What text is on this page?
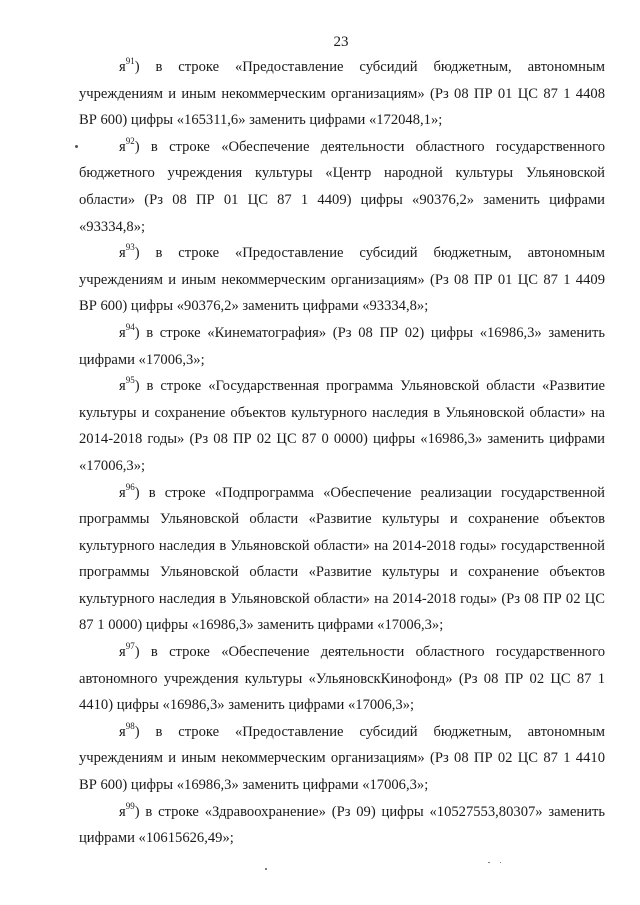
23

$я^{91}$) в строке «Предоставление субсидий бюджетным, автономным учреждениям и иным некоммерческим организациям» (Рз 08 ПР 01 ЦС 87 1 4408 ВР 600) цифры «165311,6» заменить цифрами «172048,1»;

$я^{92}$) в строке «Обеспечение деятельности областного государственного бюджетного учреждения культуры «Центр народной культуры Ульяновской области» (Рз 08 ПР 01 ЦС 87 1 4409) цифры «90376,2» заменить цифрами «93334,8»;

$я^{93}$) в строке «Предоставление субсидий бюджетным, автономным учреждениям и иным некоммерческим организациям» (Рз 08 ПР 01 ЦС 87 1 4409 ВР 600) цифры «90376,2» заменить цифрами «93334,8»;

$я^{94}$) в строке «Кинематография» (Рз 08 ПР 02) цифры «16986,3» заменить цифрами «17006,3»;

$я^{95}$) в строке «Государственная программа Ульяновской области «Развитие культуры и сохранение объектов культурного наследия в Ульяновской области» на 2014-2018 годы» (Рз 08 ПР 02 ЦС 87 0 0000) цифры «16986,3» заменить цифрами «17006,3»;

$я^{96}$) в строке «Подпрограмма «Обеспечение реализации государственной программы Ульяновской области «Развитие культуры и сохранение объектов культурного наследия в Ульяновской области» на 2014-2018 годы» государственной программы Ульяновской области «Развитие культуры и сохранение объектов культурного наследия в Ульяновской области» на 2014-2018 годы» (Рз 08 ПР 02 ЦС 87 1 0000) цифры «16986,3» заменить цифрами «17006,3»;

$я^{97}$) в строке «Обеспечение деятельности областного государственного автономного учреждения культуры «УльяновскКинофонд» (Рз 08 ПР 02 ЦС 87 1 4410) цифры «16986,3» заменить цифрами «17006,3»;

$я^{98}$) в строке «Предоставление субсидий бюджетным, автономным учреждениям и иным некоммерческим организациям» (Рз 08 ПР 02 ЦС 87 1 4410 ВР 600) цифры «16986,3» заменить цифрами «17006,3»;

$я^{99}$) в строке «Здравоохранение» (Рз 09) цифры «10527553,80307» заменить цифрами «10615626,49»;
